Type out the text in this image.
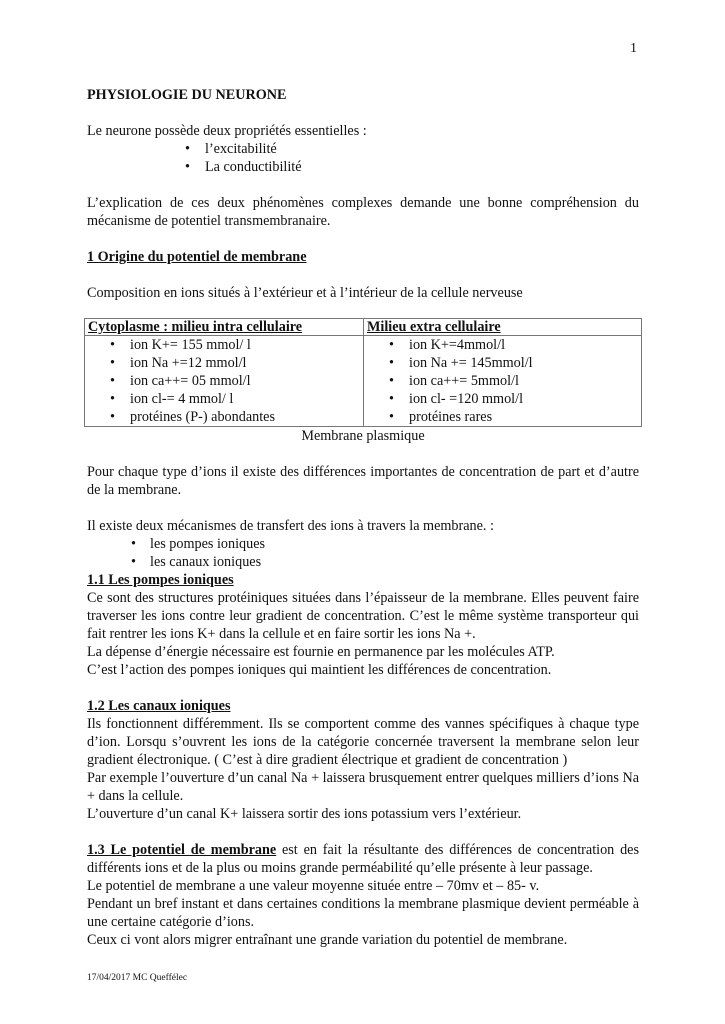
1

PHYSIOLOGIE DU NEURONE

Le neurone possède deux propriétés essentielles :

• l’excitabilité
• La conductibilité

L’explication de ces deux phénomènes complexes demande une bonne compréhension du mécanisme de potentiel transmembranaire.

1 Origine du potentiel de membrane

Composition en ions situés à l’extérieur et à l’intérieur de la cellule nerveuse

Cytoplasme : milieu intra cellulaire	Milieu extra cellulaire

• ion K+= 155 mmol/ l
• ion Na +=12 mmol/l
• ion ca++= 05 mmol/l
• ion cl-= 4 mmol/ l
• protéines (P-) abondantes

• ion K+=4mmol/l
• ion Na += 145mmol/l
• ion ca++= 5mmol/l
• ion cl- =120 mmol/l
• protéines rares

Membrane plasmique

Pour chaque type d’ions il existe des différences importantes de concentration de part et d’autre de la membrane.

Il existe deux mécanismes de transfert des ions à travers la membrane. :

• les pompes ioniques
• les canaux ioniques

1.1 Les pompes ioniques

Ce sont des structures protéiniques situées dans l’épaisseur de la membrane. Elles peuvent faire traverser les ions contre leur gradient de concentration. C’est le même système transporteur qui fait rentrer les ions K+ dans la cellule et en faire sortir les ions Na +.

La dépense d’énergie nécessaire est fournie en permanence par les molécules ATP.

C’est l’action des pompes ioniques qui maintient les différences de concentration.

1.2 Les canaux ioniques

Ils fonctionnent différemment. Ils se comportent comme des vannes spécifiques à chaque type d’ion. Lorsqu s’ouvrent les ions de la catégorie concernée traversent la membrane selon leur gradient électronique. ( C’est à dire gradient électrique et gradient de concentration )

Par exemple l’ouverture d’un canal Na + laissera brusquement entrer quelques milliers d’ions Na + dans la cellule.

L’ouverture d’un canal K+ laissera sortir des ions potassium vers l’extérieur.

1.3 Le potentiel de membrane est en fait la résultante des différences de concentration des différents ions et de la plus ou moins grande perméabilité qu’elle présente à leur passage.

Le potentiel de membrane a une valeur moyenne située entre – 70mv et – 85- v.

Pendant un bref instant et dans certaines conditions la membrane plasmique devient perméable à une certaine catégorie d’ions.

Ceux ci vont alors migrer entraînant une grande variation du potentiel de membrane.

17/04/2017 MC Queffélec
